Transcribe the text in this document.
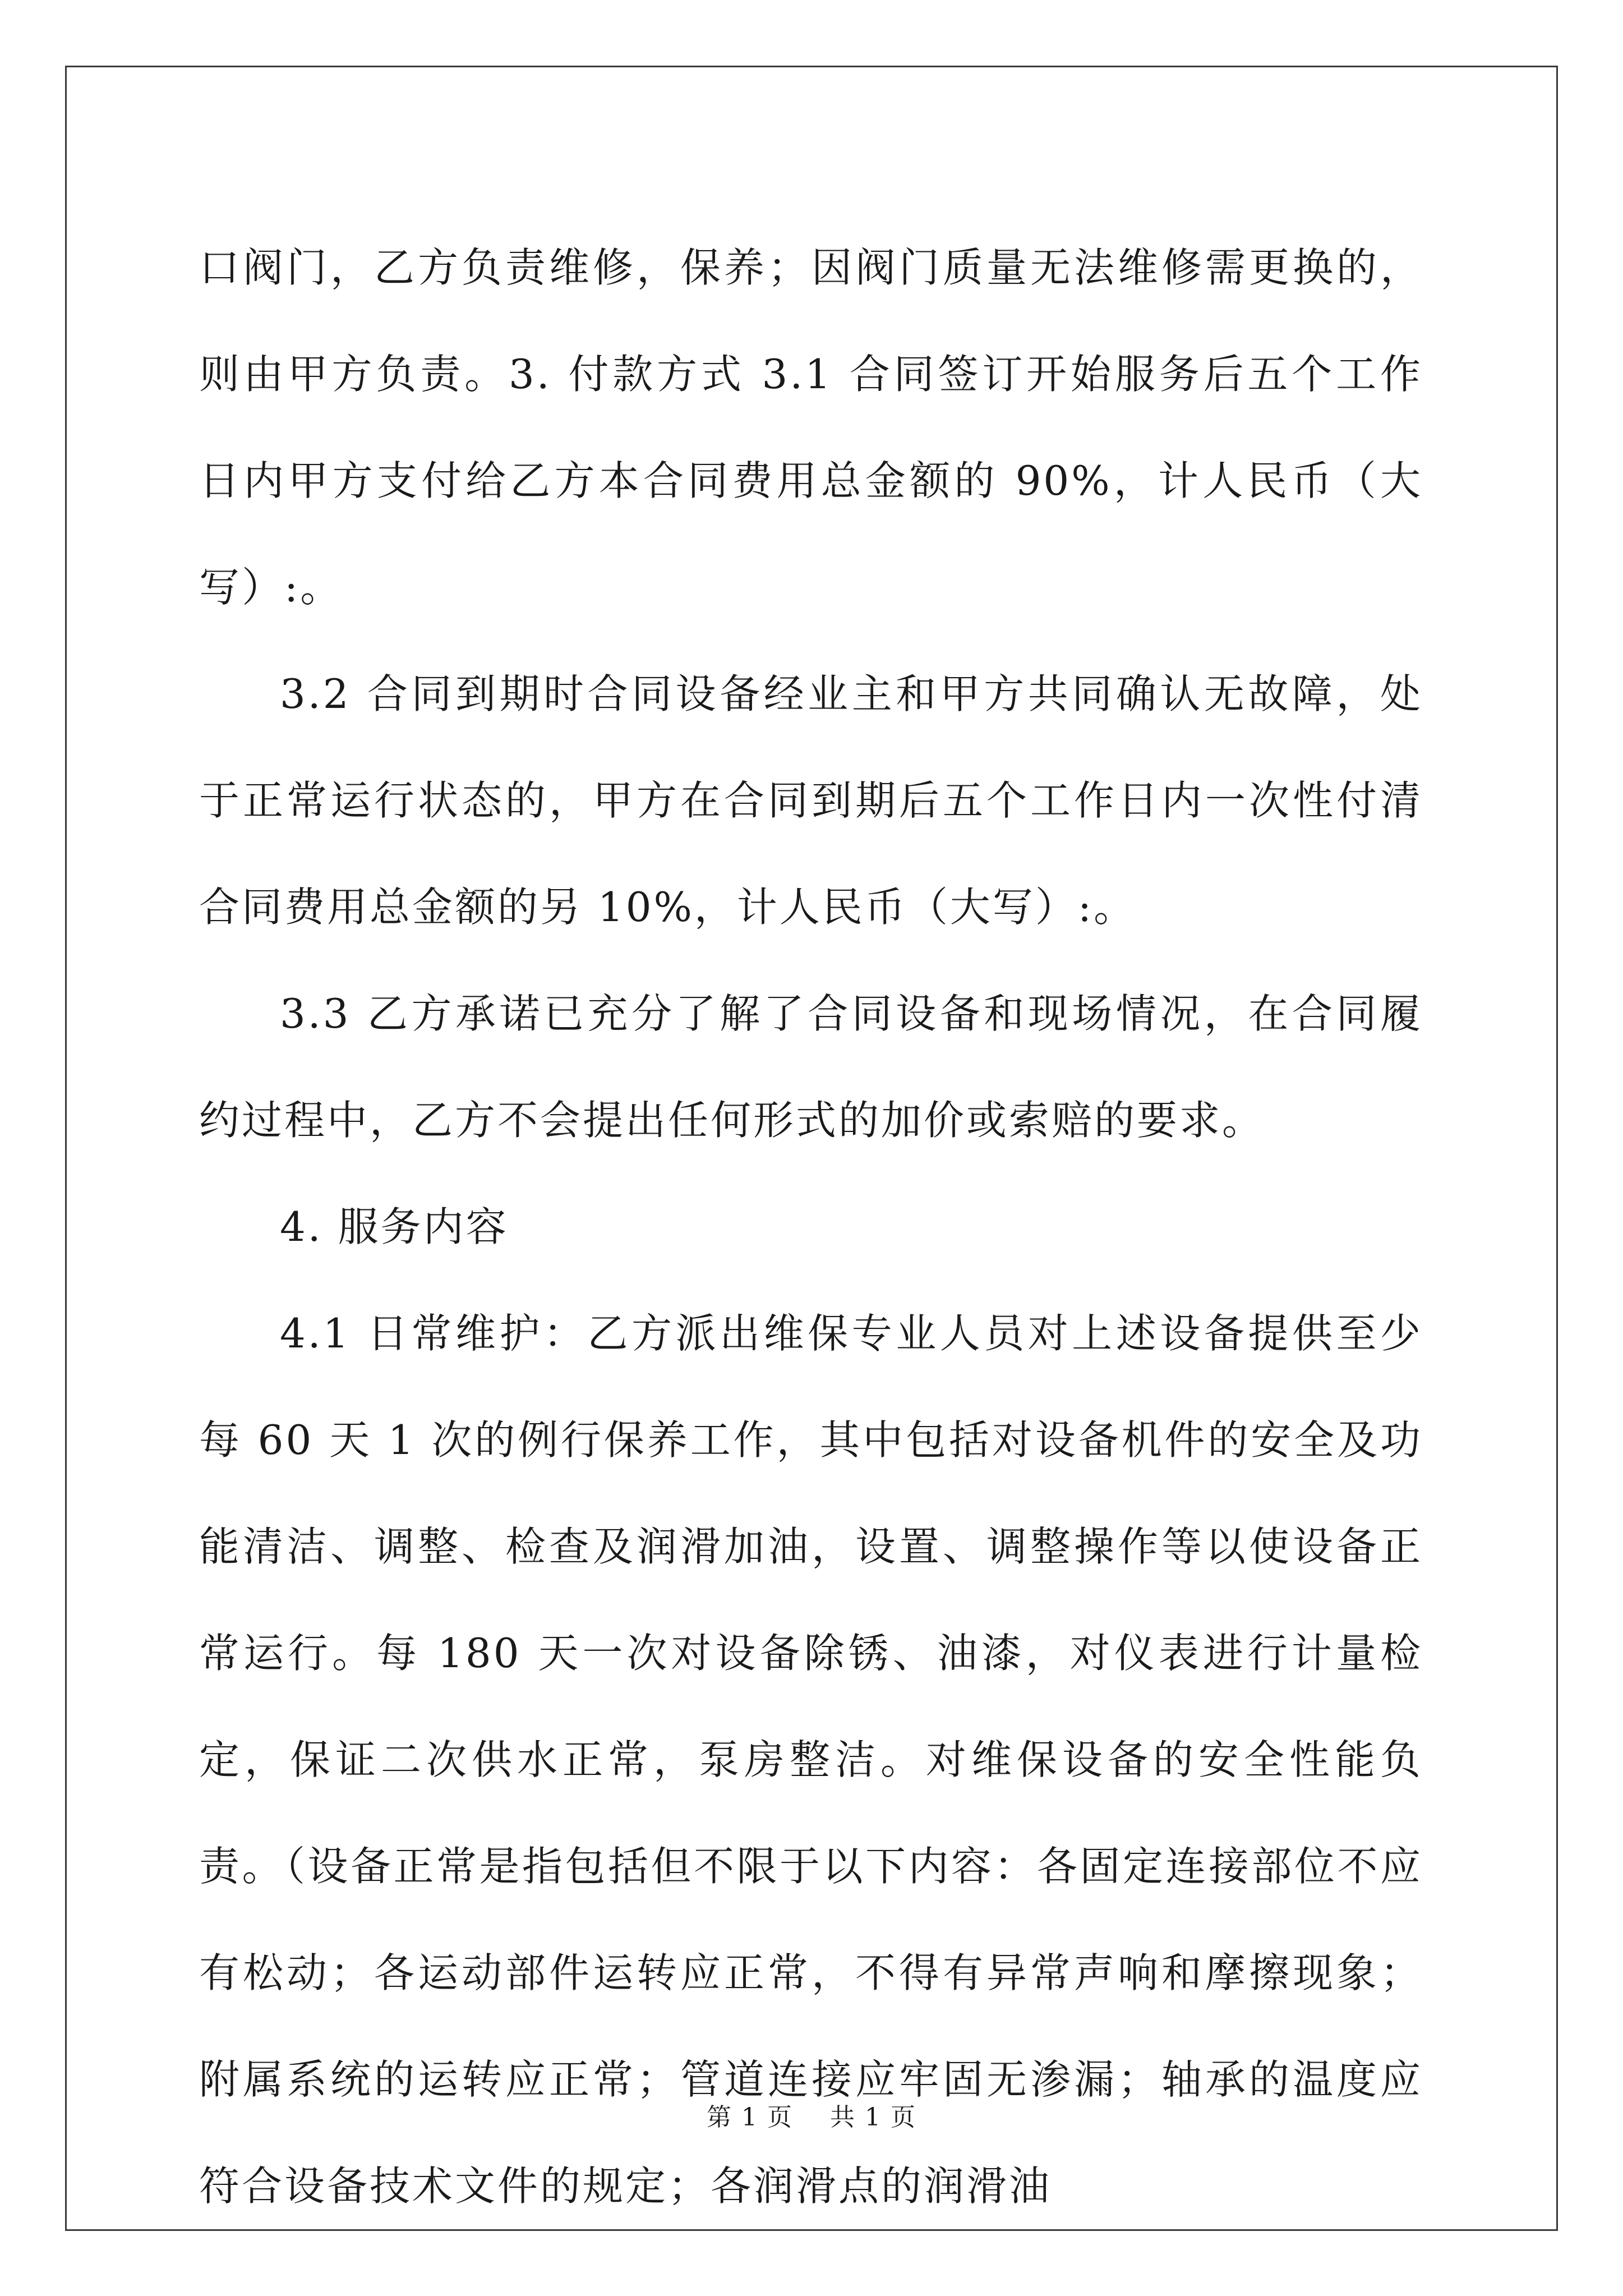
口阀门，乙方负责维修，保养；因阀门质量无法维修需更换的，则由甲方负责。3. 付款方式 3.1 合同签订开始服务后五个工作日内甲方支付给乙方本合同费用总金额的 90%，计人民币（大写）:。

3.2 合同到期时合同设备经业主和甲方共同确认无故障，处于正常运行状态的，甲方在合同到期后五个工作日内一次性付清合同费用总金额的另 10%，计人民币（大写）:。

3.3 乙方承诺已充分了解了合同设备和现场情况，在合同履约过程中，乙方不会提出任何形式的加价或索赔的要求。

4. 服务内容

4.1 日常维护：乙方派出维保专业人员对上述设备提供至少每 60 天 1 次的例行保养工作，其中包括对设备机件的安全及功能清洁、调整、检查及润滑加油，设置、调整操作等以使设备正常运行。每 180 天一次对设备除锈、油漆，对仪表进行计量检定，保证二次供水正常，泵房整洁。对维保设备的安全性能负责。（设备正常是指包括但不限于以下内容：各固定连接部位不应有松动；各运动部件运转应正常，不得有异常声响和摩擦现象；附属系统的运转应正常；管道连接应牢固无渗漏；轴承的温度应符合设备技术文件的规定；各润滑点的润滑油

第 1 页 共 1 页
